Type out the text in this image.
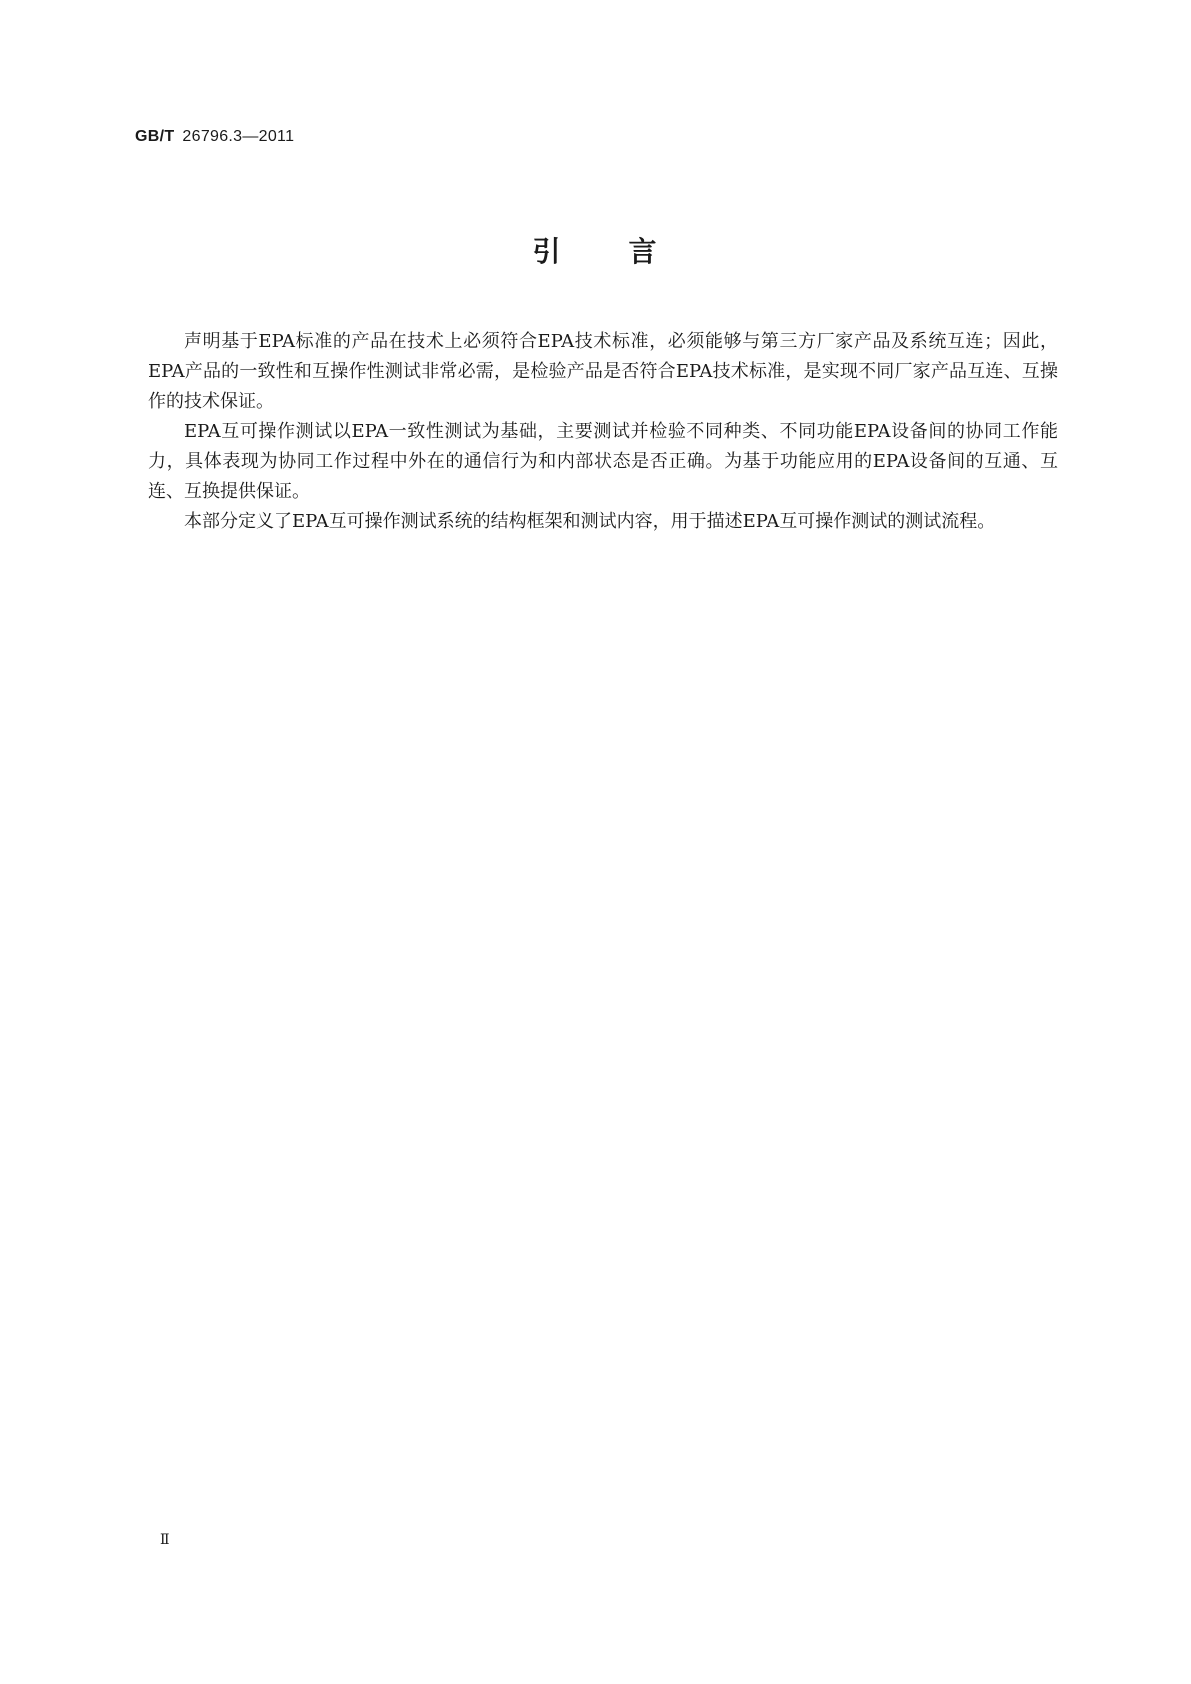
GB/T 26796.3—2011
引 言

声明基于EPA标准的产品在技术上必须符合EPA技术标准，必须能够与第三方厂家产品及系统互连；因此，EPA产品的一致性和互操作性测试非常必需，是检验产品是否符合EPA技术标准，是实现不同厂家产品互连、互操作的技术保证。

EPA互可操作测试以EPA一致性测试为基础，主要测试并检验不同种类、不同功能EPA设备间的协同工作能力，具体表现为协同工作过程中外在的通信行为和内部状态是否正确。为基于功能应用的EPA设备间的互通、互连、互换提供保证。

本部分定义了EPA互可操作测试系统的结构框架和测试内容，用于描述EPA互可操作测试的测试流程。

Ⅱ
